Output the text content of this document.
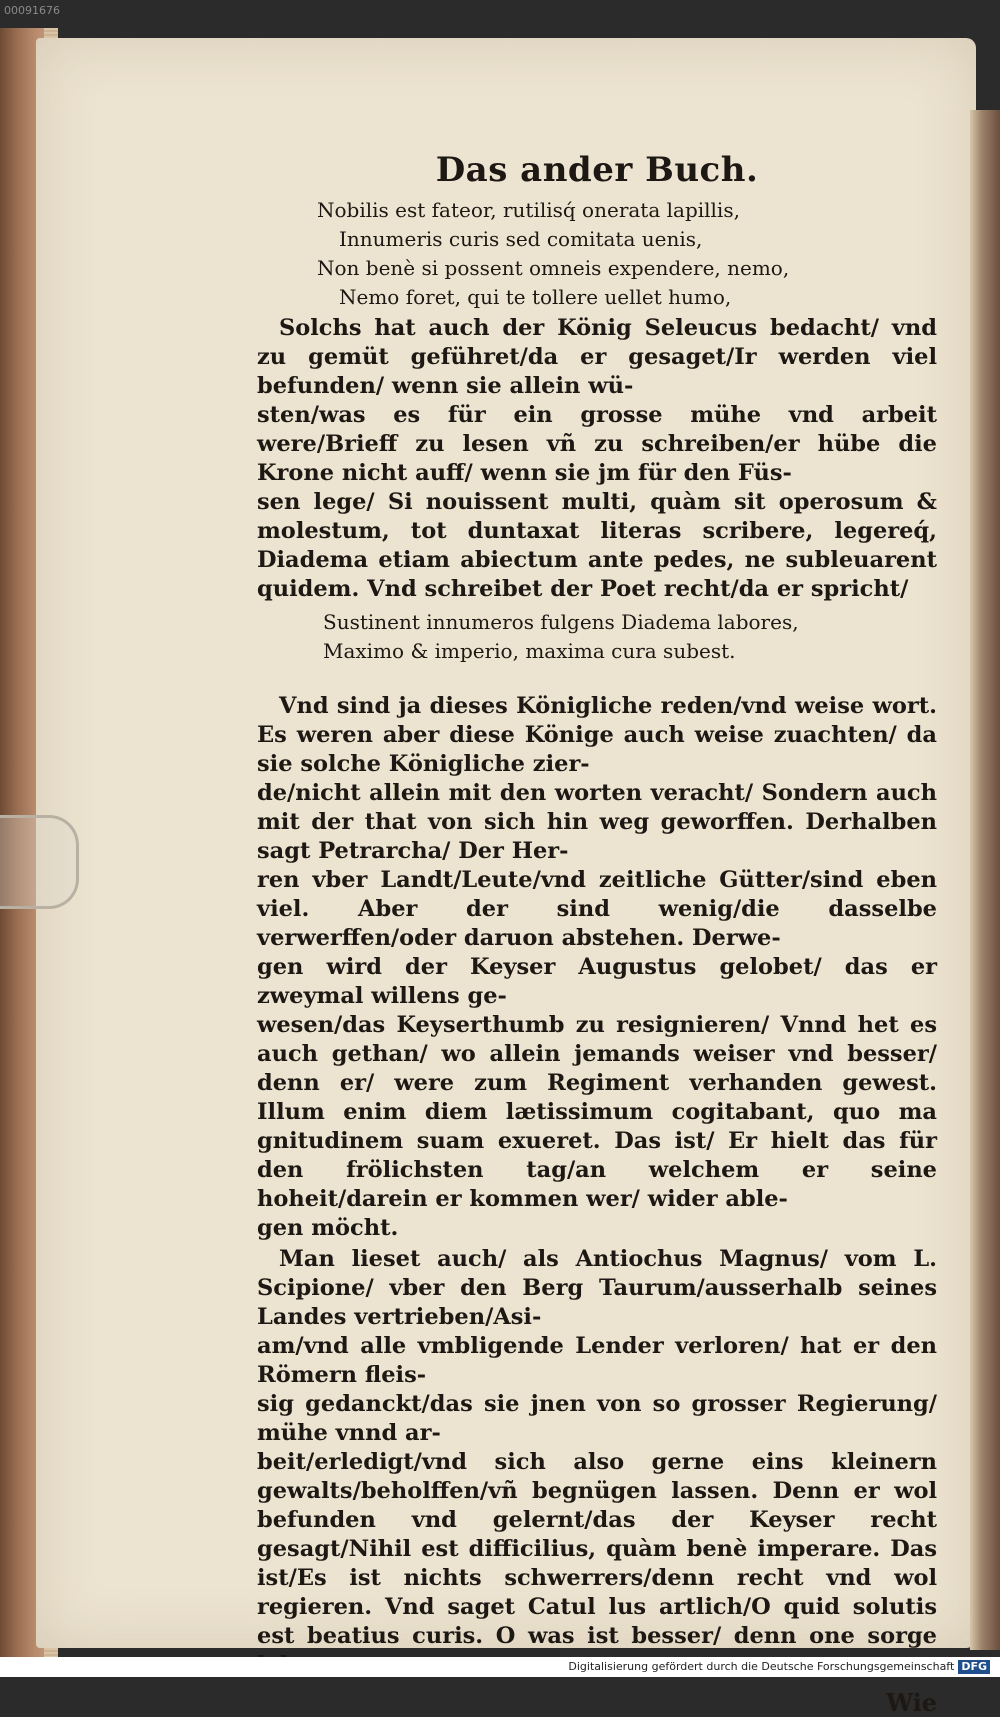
00091676

Das ander Buch.
Nobilis est fateor, rutilisq́ onerata lapillis,
Innumeris curis sed comitata uenis,
Non benè si possent omneis expendere, nemo,
Nemo foret, qui te tollere uellet humo,

Solchs hat auch der König Seleucus bedacht/ vnd zu gemüt geführet/da er gesaget/Ir werden viel befunden/ wenn sie allein wü-
sten/was es für ein grosse mühe vnd arbeit were/Brieff zu lesen vñ zu schreiben/er hübe die Krone nicht auff/ wenn sie jm für den Füs-
sen lege/ Si nouissent multi, quàm sit operosum & molestum, tot duntaxat literas scribere, legereq́, Diadema etiam abiectum ante pedes, ne subleuarent quidem. Vnd schreibet der Poet recht/da er spricht/

Sustinent innumeros fulgens Diadema labores,
Maximo & imperio, maxima cura subest.

Vnd sind ja dieses Königliche reden/vnd weise wort. Es weren aber diese Könige auch weise zuachten/ da sie solche Königliche zier-
de/nicht allein mit den worten veracht/ Sondern auch mit der that von sich hin weg geworffen. Derhalben sagt Petrarcha/ Der Her-
ren vber Landt/Leute/vnd zeitliche Gütter/sind eben viel. Aber der sind wenig/die dasselbe verwerffen/oder daruon abstehen. Derwe-
gen wird der Keyser Augustus gelobet/ das er zweymal willens ge-
wesen/das Keyserthumb zu resignieren/ Vnnd het es auch gethan/ wo allein jemands weiser vnd besser/ denn er/ were zum Regiment verhanden gewest. Illum enim diem lætissimum cogitabant, quo ma gnitudinem suam exueret. Das ist/ Er hielt das für den frölichsten tag/an welchem er seine hoheit/darein er kommen wer/ wider able-
gen möcht.

Man lieset auch/ als Antiochus Magnus/ vom L. Scipione/ vber den Berg Taurum/ausserhalb seines Landes vertrieben/Asi-
am/vnd alle vmbligende Lender verloren/ hat er den Römern fleis-
sig gedanckt/das sie jnen von so grosser Regierung/ mühe vnnd ar-
beit/erledigt/vnd sich also gerne eins kleinern gewalts/beholffen/vñ begnügen lassen. Denn er wol befunden vnd gelernt/das der Keyser recht gesagt/Nihil est difficilius, quàm benè imperare. Das ist/Es ist nichts schwerrers/denn recht vnd wol regieren. Vnd saget Catul lus artlich/O quid solutis est beatius curis. O was ist besser/ denn one sorge

Wie
Digitalisierung gefördert durch die Deutsche Forschungsgemeinschaft DFG
